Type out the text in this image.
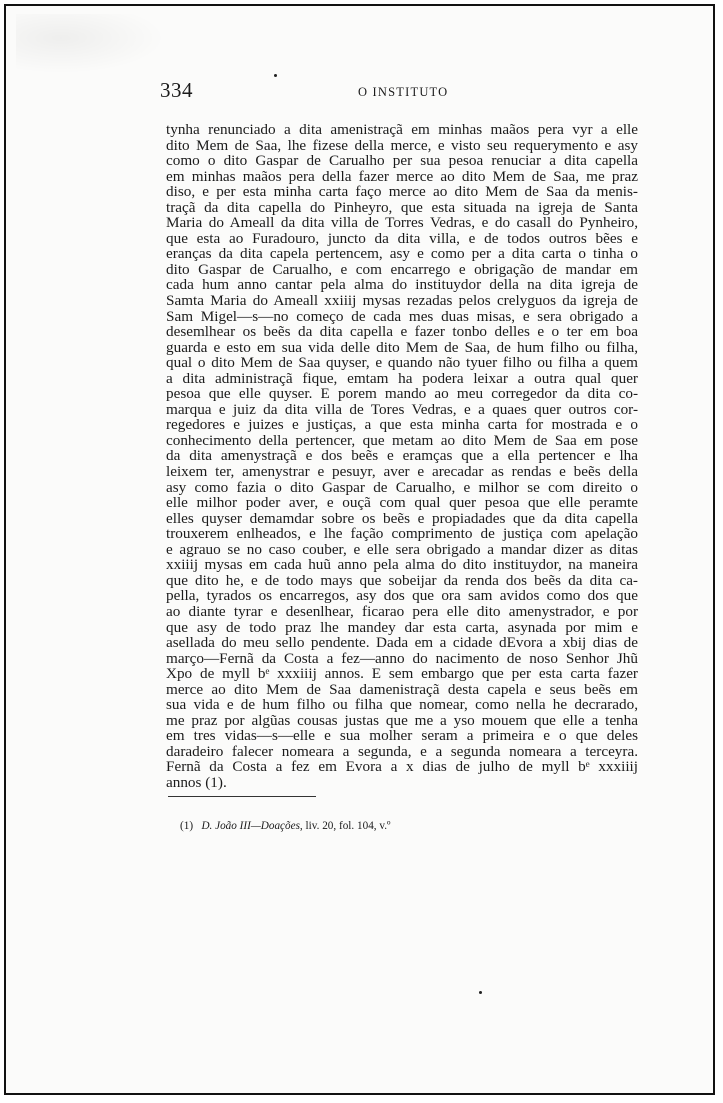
334	O INSTITUTO
tynha renunciado a dita amenistraçã em minhas maãos pera vyr a elle
dito Mem de Saa, lhe fizese della merce, e visto seu requerymento e asy
como o dito Gaspar de Carualho per sua pesoa renuciar a dita capella
em minhas maãos pera della fazer merce ao dito Mem de Saa, me praz
diso, e per esta minha carta faço merce ao dito Mem de Saa da menis-
traçã da dita capella do Pinheyro, que esta situada na igreja de Santa
Maria do Ameall da dita villa de Torres Vedras, e do casall do Pynheiro,
que esta ao Furadouro, juncto da dita villa, e de todos outros bẽes e
eranças da dita capela pertencem, asy e como per a dita carta o tinha o
dito Gaspar de Carualho, e com encarrego e obrigação de mandar em
cada hum anno cantar pela alma do instituydor della na dita igreja de
Samta Maria do Ameall xxiiij mysas rezadas pelos crelyguos da igreja de
Sam Migel—s—no começo de cada mes duas misas, e sera obrigado a
desemlhear os beẽs da dita capella e fazer tonbo delles e o ter em boa
guarda e esto em sua vida delle dito Mem de Saa, de hum filho ou filha,
qual o dito Mem de Saa quyser, e quando não tyuer filho ou filha a quem
a dita administraçã fique, emtam ha podera leixar a outra qual quer
pesoa que elle quyser. E porem mando ao meu corregedor da dita co-
marqua e juiz da dita villa de Tores Vedras, e a quaes quer outros cor-
regedores e juizes e justiças, a que esta minha carta for mostrada e o
conhecimento della pertencer, que metam ao dito Mem de Saa em pose
da dita amenystraçã e dos beẽs e eramças que a ella pertencer e lha
leixem ter, amenystrar e pesuyr, aver e arecadar as rendas e beẽs della
asy como fazia o dito Gaspar de Carualho, e milhor se com direito o
elle milhor poder aver, e ouçã com qual quer pesoa que elle peramte
elles quyser demamdar sobre os beẽs e propiadades que da dita capella
trouxerem enlheados, e lhe fação comprimento de justiça com apelação
e agrauo se no caso couber, e elle sera obrigado a mandar dizer as ditas
xxiiij mysas em cada huũ anno pela alma do dito instituydor, na maneira
que dito he, e de todo mays que sobeijar da renda dos beẽs da dita ca-
pella, tyrados os encarregos, asy dos que ora sam avidos como dos que
ao diante tyrar e desenlhear, ficarao pera elle dito amenystrador, e por
que asy de todo praz lhe mandey dar esta carta, asynada por mim e
asellada do meu sello pendente. Dada em a cidade dEvora a xbij dias de
março—Fernã da Costa a fez—anno do nacimento de noso Senhor Jhũ
Xpo de myll bᵉ xxxiiij annos. E sem embargo que per esta carta fazer
merce ao dito Mem de Saa damenistraçã desta capela e seus beẽs em
sua vida e de hum filho ou filha que nomear, como nella he decrarado,
me praz por algũas cousas justas que me a yso mouem que elle a tenha
em tres vidas—s—elle e sua molher seram a primeira e o que deles
daradeiro falecer nomeara a segunda, e a segunda nomeara a terceyra.
Fernã da Costa a fez em Evora a x dias de julho de myll bᵉ xxxiiij
annos (1).
(1) D. João III—Doações, liv. 20, fol. 104, v.º
